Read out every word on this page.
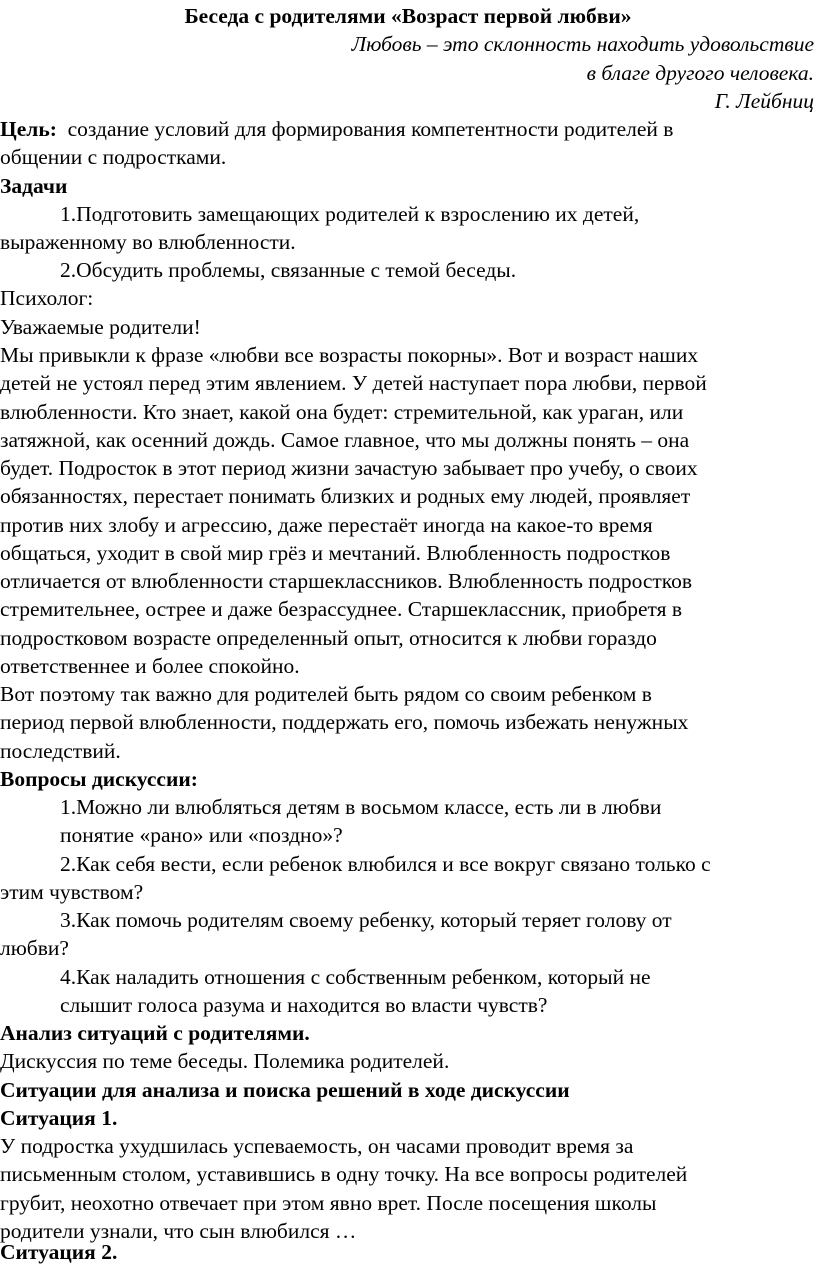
Беседа с родителями «Возраст первой любви»
Любовь – это склонность находить удовольствие
в благе другого человека.
Г. Лейбниц
Цель:  создание условий для формирования компетентности родителей в
общении с подростками.
Задачи
1.Подготовить замещающих родителей к взрослению их детей,
выраженному во влюбленности.
2.Обсудить проблемы, связанные с темой беседы.
Психолог:
Уважаемые родители!
Мы привыкли к фразе «любви все возрасты покорны». Вот и возраст наших
детей не устоял перед этим явлением. У детей наступает пора любви, первой
влюбленности. Кто знает, какой она будет: стремительной, как ураган, или
затяжной, как осенний дождь. Самое главное, что мы должны понять – она
будет. Подросток в этот период жизни зачастую забывает про учебу, о своих
обязанностях, перестает понимать близких и родных ему людей, проявляет
против них злобу и агрессию, даже перестаёт иногда на какое-то время
общаться, уходит в свой мир грёз и мечтаний. Влюбленность подростков
отличается от влюбленности старшеклассников. Влюбленность подростков
стремительнее, острее и даже безрассуднее. Старшеклассник, приобретя в
подростковом возрасте определенный опыт, относится к любви гораздо
ответственнее и более спокойно.
Вот поэтому так важно для родителей быть рядом со своим ребенком в
период первой влюбленности, поддержать его, помочь избежать ненужных
последствий.
Вопросы дискуссии:
1.Можно ли влюбляться детям в восьмом классе, есть ли в любви
понятие «рано» или «поздно»?
2.Как себя вести, если ребенок влюбился и все вокруг связано только с
этим чувством?
3.Как помочь родителям своему ребенку, который теряет голову от
любви?
4.Как наладить отношения с собственным ребенком, который не
слышит голоса разума и находится во власти чувств?
Анализ ситуаций с родителями.
Дискуссия по теме беседы. Полемика родителей.
Ситуации для анализа и поиска решений в ходе дискуссии
Ситуация 1.
У подростка ухудшилась успеваемость, он часами проводит время за
письменным столом, уставившись в одну точку. На все вопросы родителей
грубит, неохотно отвечает при этом явно врет. После посещения школы
родители узнали, что сын влюбился …
Ситуация 2.
